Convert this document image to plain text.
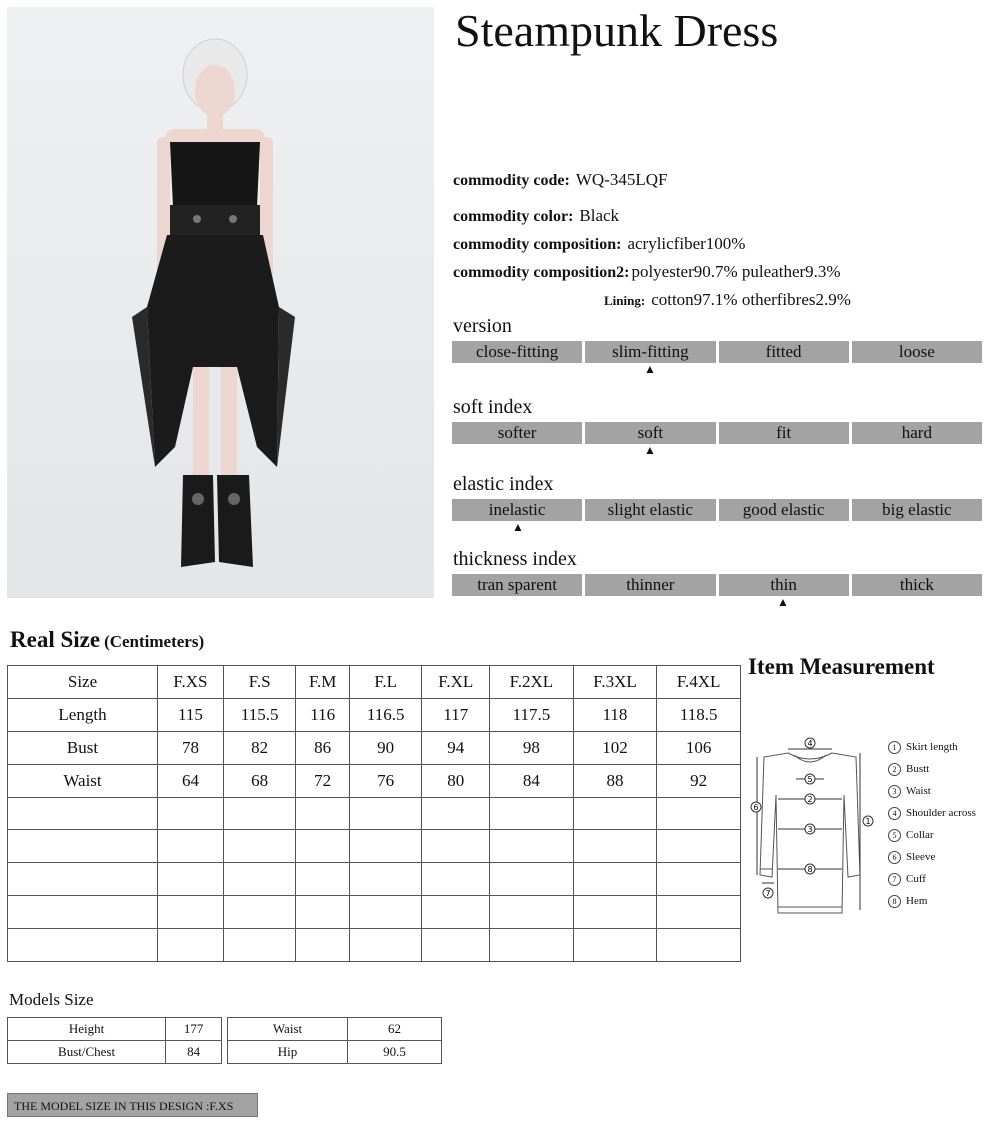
Steampunk Dress
commodity code: WQ-345LQF
commodity color: Black
commodity composition: acrylicfiber100%
commodity composition2: polyester90.7% puleather9.3%
Lining: cotton97.1% otherfibres2.9%
version
close-fitting	slim-fitting	fitted	loose
▲
soft index
softer	soft	fit	hard
▲
elastic index
inelastic	slight elastic	good elastic	big elastic
▲
thickness index
tran sparent	thinner	thin	thick
▲
Real Size (Centimeters)
Size	F.XS	F.S	F.M	F.L	F.XL	F.2XL	F.3XL	F.4XL
Length	115	115.5	116	116.5	117	117.5	118	118.5
Bust	78	82	86	90	94	98	102	106
Waist	64	68	72	76	80	84	88	92

Item Measurement
4
5
2
3
8
1
6
7
1 Skirt length
2 Bustt
3 Waist
4 Shoulder across
5 Collar
6 Sleeve
7 Cuff
8 Hem
Models Size
Height	177
Bust/Chest	84
Waist	62
Hip	90.5
THE MODEL SIZE IN THIS DESIGN :F.XS
